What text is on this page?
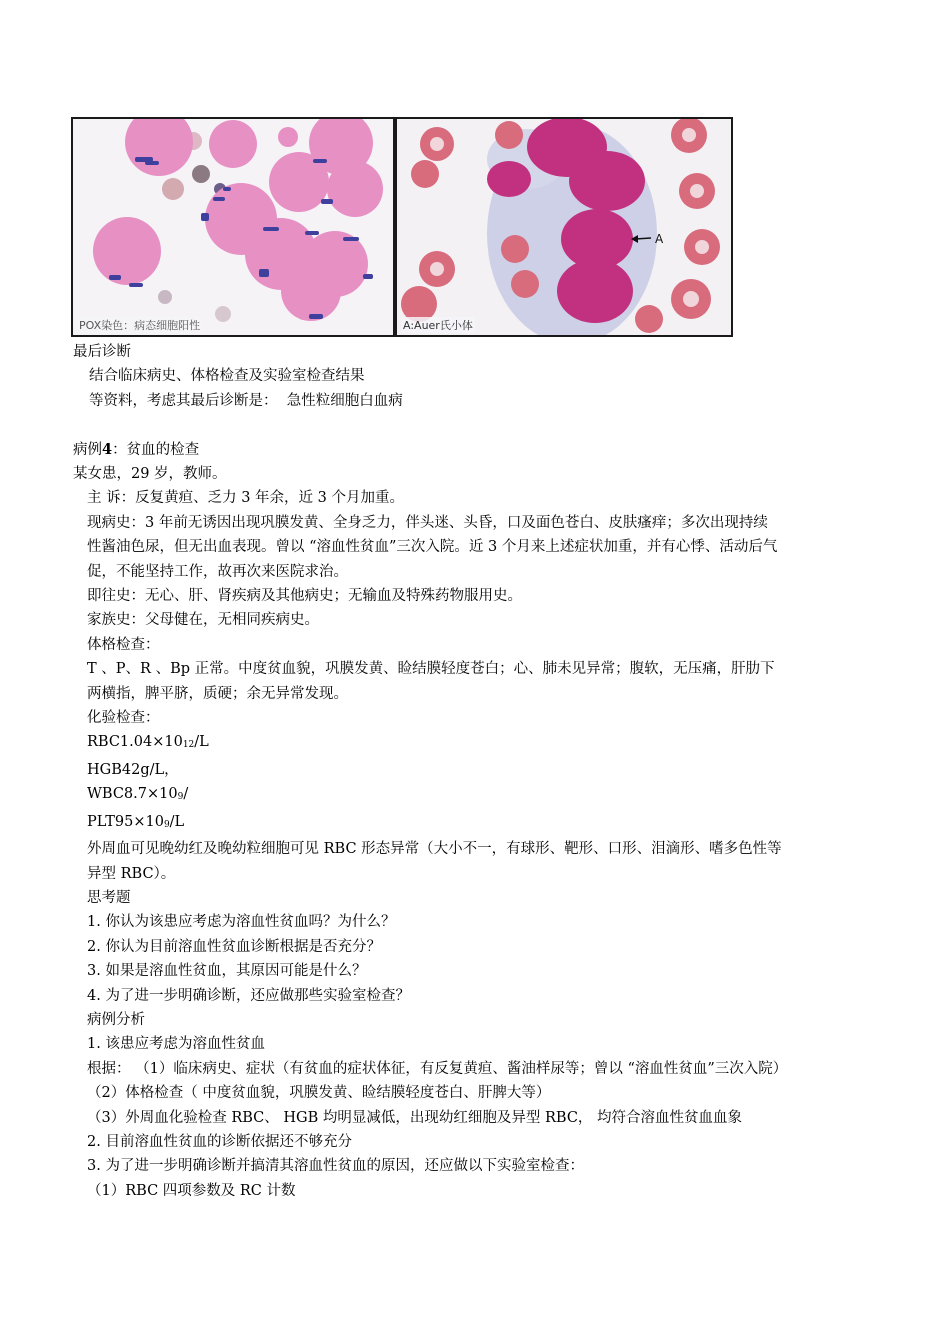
POX染色：病态细胞阳性
A
A:Auer氏小体
最后诊断
结合临床病史、体格检查及实验室检查结果
等资料，考虑其最后诊断是： 急性粒细胞白血病
病例4：贫血的检查
某女患，29 岁，教师。
主 诉：反复黄疸、乏力 3 年余，近 3 个月加重。
现病史：3 年前无诱因出现巩膜发黄、全身乏力，伴头迷、头昏，口及面色苍白、皮肤瘙痒；多次出现持续
性酱油色尿，但无出血表现。曾以 “溶血性贫血”三次入院。近 3 个月来上述症状加重，并有心悸、活动后气
促，不能坚持工作，故再次来医院求治。
即往史：无心、肝、肾疾病及其他病史；无输血及特殊药物服用史。
家族史：父母健在，无相同疾病史。
体格检查：
T 、P、R 、Bp 正常。中度贫血貌，巩膜发黄、睑结膜轻度苍白；心、肺未见异常；腹软，无压痛，肝肋下
两横指，脾平脐，质硬；余无异常发现。
化验检查：
$RBC1.04\times 10_{12}/L$
HGB42g/L，
$WBC8.7\times 10_9/$
$PLT95\times 10_9/L$
外周血可见晚幼红及晚幼粒细胞可见 RBC 形态异常（大小不一，有球形、靶形、口形、泪滴形、嗜多色性等
异型 RBC）。
思考题
1. 你认为该患应考虑为溶血性贫血吗？为什么？
2. 你认为目前溶血性贫血诊断根据是否充分？
3. 如果是溶血性贫血，其原因可能是什么？
4. 为了进一步明确诊断，还应做那些实验室检查？
病例分析
1. 该患应考虑为溶血性贫血
根据： （1）临床病史、症状（有贫血的症状体征，有反复黄疸、酱油样尿等；曾以 “溶血性贫血”三次入院）
（2）体格检查（ 中度贫血貌，巩膜发黄、睑结膜轻度苍白、肝脾大等）
（3）外周血化验检查 RBC、 HGB 均明显减低，出现幼红细胞及异型 RBC， 均符合溶血性贫血血象
2. 目前溶血性贫血的诊断依据还不够充分
3. 为了进一步明确诊断并搞清其溶血性贫血的原因，还应做以下实验室检查：
（1）RBC 四项参数及 RC 计数
